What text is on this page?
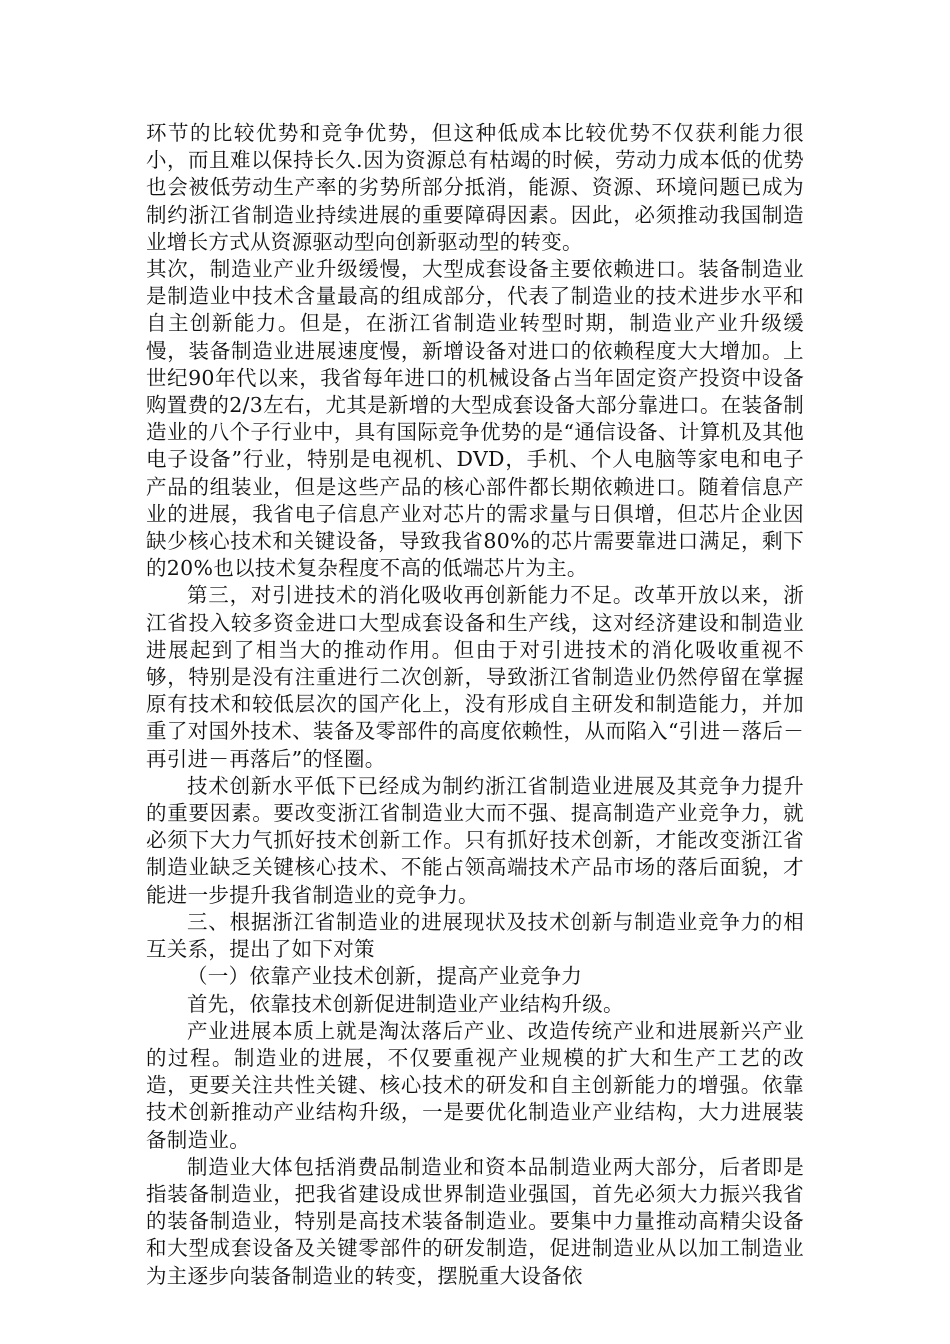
环节的比较优势和竞争优势，但这种低成本比较优势不仅获利能力很小，而且难以保持长久.因为资源总有枯竭的时候，劳动力成本低的优势也会被低劳动生产率的劣势所部分抵消，能源、资源、环境问题已成为制约浙江省制造业持续进展的重要障碍因素。因此，必须推动我国制造业增长方式从资源驱动型向创新驱动型的转变。

其次，制造业产业升级缓慢，大型成套设备主要依赖进口。装备制造业是制造业中技术含量最高的组成部分，代表了制造业的技术进步水平和自主创新能力。但是，在浙江省制造业转型时期，制造业产业升级缓慢，装备制造业进展速度慢，新增设备对进口的依赖程度大大增加。上世纪90年代以来，我省每年进口的机械设备占当年固定资产投资中设备购置费的2/3左右，尤其是新增的大型成套设备大部分靠进口。在装备制造业的八个子行业中，具有国际竞争优势的是“通信设备、计算机及其他电子设备”行业，特别是电视机、DVD，手机、个人电脑等家电和电子产品的组装业，但是这些产品的核心部件都长期依赖进口。随着信息产业的进展，我省电子信息产业对芯片的需求量与日俱增，但芯片企业因缺少核心技术和关键设备，导致我省80%的芯片需要靠进口满足，剩下的20%也以技术复杂程度不高的低端芯片为主。

第三，对引进技术的消化吸收再创新能力不足。改革开放以来，浙江省投入较多资金进口大型成套设备和生产线，这对经济建设和制造业进展起到了相当大的推动作用。但由于对引进技术的消化吸收重视不够，特别是没有注重进行二次创新，导致浙江省制造业仍然停留在掌握原有技术和较低层次的国产化上，没有形成自主研发和制造能力，并加重了对国外技术、装备及零部件的高度依赖性，从而陷入“引进－落后－再引进－再落后”的怪圈。

技术创新水平低下已经成为制约浙江省制造业进展及其竞争力提升的重要因素。要改变浙江省制造业大而不强、提高制造产业竞争力，就必须下大力气抓好技术创新工作。只有抓好技术创新，才能改变浙江省制造业缺乏关键核心技术、不能占领高端技术产品市场的落后面貌，才能进一步提升我省制造业的竞争力。

三、根据浙江省制造业的进展现状及技术创新与制造业竞争力的相互关系，提出了如下对策

（一）依靠产业技术创新，提高产业竞争力

首先，依靠技术创新促进制造业产业结构升级。

产业进展本质上就是淘汰落后产业、改造传统产业和进展新兴产业的过程。制造业的进展，不仅要重视产业规模的扩大和生产工艺的改造，更要关注共性关键、核心技术的研发和自主创新能力的增强。依靠技术创新推动产业结构升级，一是要优化制造业产业结构，大力进展装备制造业。

制造业大体包括消费品制造业和资本品制造业两大部分，后者即是指装备制造业，把我省建设成世界制造业强国，首先必须大力振兴我省的装备制造业，特别是高技术装备制造业。要集中力量推动高精尖设备和大型成套设备及关键零部件的研发制造，促进制造业从以加工制造业为主逐步向装备制造业的转变，摆脱重大设备依
